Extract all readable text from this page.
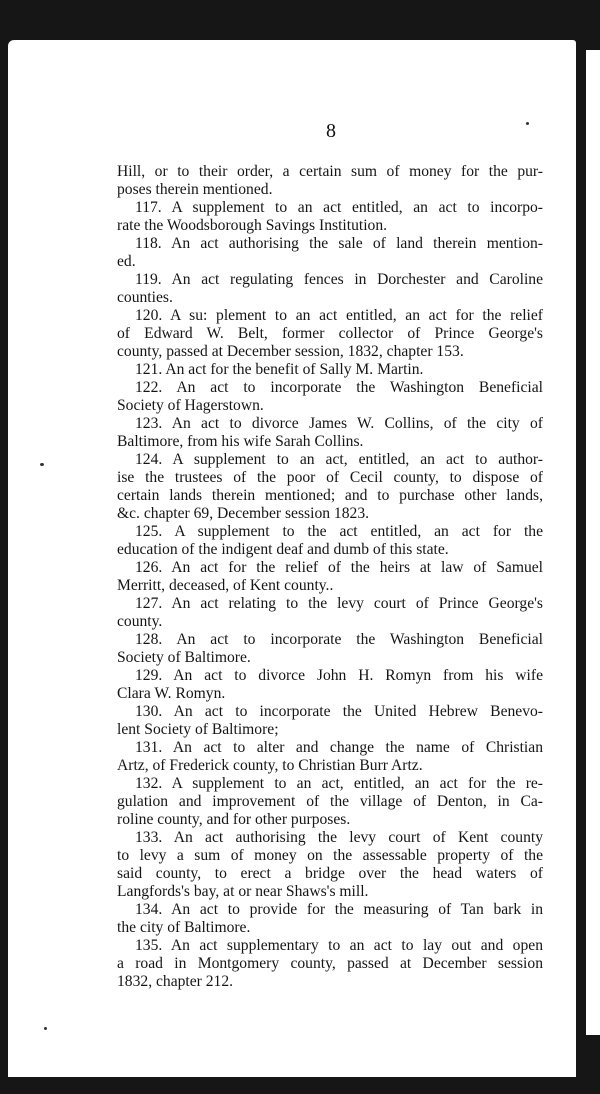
8
Hill, or to their order, a certain sum of money for the pur-
poses therein mentioned.
117. A supplement to an act entitled, an act to incorpo-
rate the Woodsborough Savings Institution.
118. An act authorising the sale of land therein mention-
ed.
119. An act regulating fences in Dorchester and Caroline
counties.
120. A su: plement to an act entitled, an act for the relief
of Edward W. Belt, former collector of Prince George's
county, passed at December session, 1832, chapter 153.
121. An act for the benefit of Sally M. Martin.
122. An act to incorporate the Washington Beneficial
Society of Hagerstown.
123. An act to divorce James W. Collins, of the city of
Baltimore, from his wife Sarah Collins.
124. A supplement to an act, entitled, an act to author-
ise the trustees of the poor of Cecil county, to dispose of
certain lands therein mentioned; and to purchase other lands,
&c. chapter 69, December session 1823.
125. A supplement to the act entitled, an act for the
education of the indigent deaf and dumb of this state.
126. An act for the relief of the heirs at law of Samuel
Merritt, deceased, of Kent county..
127. An act relating to the levy court of Prince George's
county.
128. An act to incorporate the Washington Beneficial
Society of Baltimore.
129. An act to divorce John H. Romyn from his wife
Clara W. Romyn.
130. An act to incorporate the United Hebrew Benevo-
lent Society of Baltimore;
131. An act to alter and change the name of Christian
Artz, of Frederick county, to Christian Burr Artz.
132. A supplement to an act, entitled, an act for the re-
gulation and improvement of the village of Denton, in Ca-
roline county, and for other purposes.
133. An act authorising the levy court of Kent county
to levy a sum of money on the assessable property of the
said county, to erect a bridge over the head waters of
Langfords's bay, at or near Shaws's mill.
134. An act to provide for the measuring of Tan bark in
the city of Baltimore.
135. An act supplementary to an act to lay out and open
a road in Montgomery county, passed at December session
1832, chapter 212.
